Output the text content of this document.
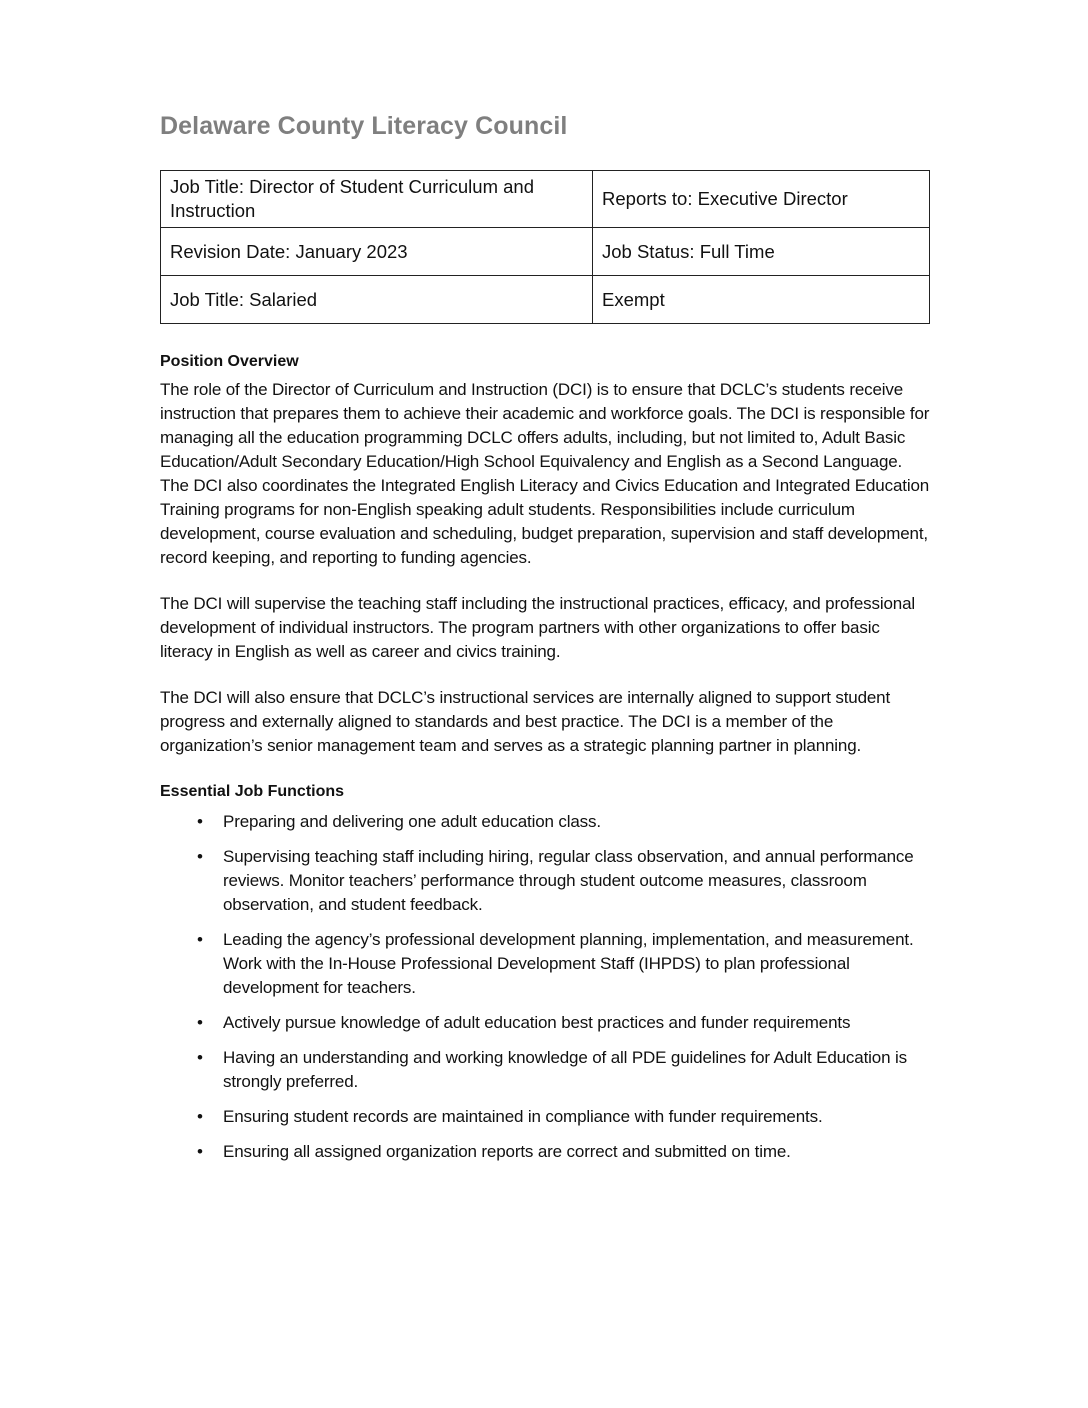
Delaware County Literacy Council
Job Title: Director of Student Curriculum and Instruction	Reports to: Executive Director
Revision Date: January 2023	Job Status: Full Time
Job Title: Salaried	Exempt
Position Overview

The role of the Director of Curriculum and Instruction (DCI) is to ensure that DCLC’s students receive instruction that prepares them to achieve their academic and workforce goals. The DCI is responsible for managing all the education programming DCLC offers adults, including, but not limited to, Adult Basic Education/Adult Secondary Education/High School Equivalency and English as a Second Language. The DCI also coordinates the Integrated English Literacy and Civics Education and Integrated Education Training programs for non-English speaking adult students. Responsibilities include curriculum development, course evaluation and scheduling, budget preparation, supervision and staff development, record keeping, and reporting to funding agencies.

The DCI will supervise the teaching staff including the instructional practices, efficacy, and professional development of individual instructors. The program partners with other organizations to offer basic literacy in English as well as career and civics training.

The DCI will also ensure that DCLC’s instructional services are internally aligned to support student progress and externally aligned to standards and best practice. The DCI is a member of the organization’s senior management team and serves as a strategic planning partner in planning.

Essential Job Functions
• Preparing and delivering one adult education class.
• Supervising teaching staff including hiring, regular class observation, and annual performance reviews. Monitor teachers’ performance through student outcome measures, classroom observation, and student feedback.
• Leading the agency’s professional development planning, implementation, and measurement. Work with the In-House Professional Development Staff (IHPDS) to plan professional development for teachers.
• Actively pursue knowledge of adult education best practices and funder requirements
• Having an understanding and working knowledge of all PDE guidelines for Adult Education is strongly preferred.
• Ensuring student records are maintained in compliance with funder requirements.
• Ensuring all assigned organization reports are correct and submitted on time.
